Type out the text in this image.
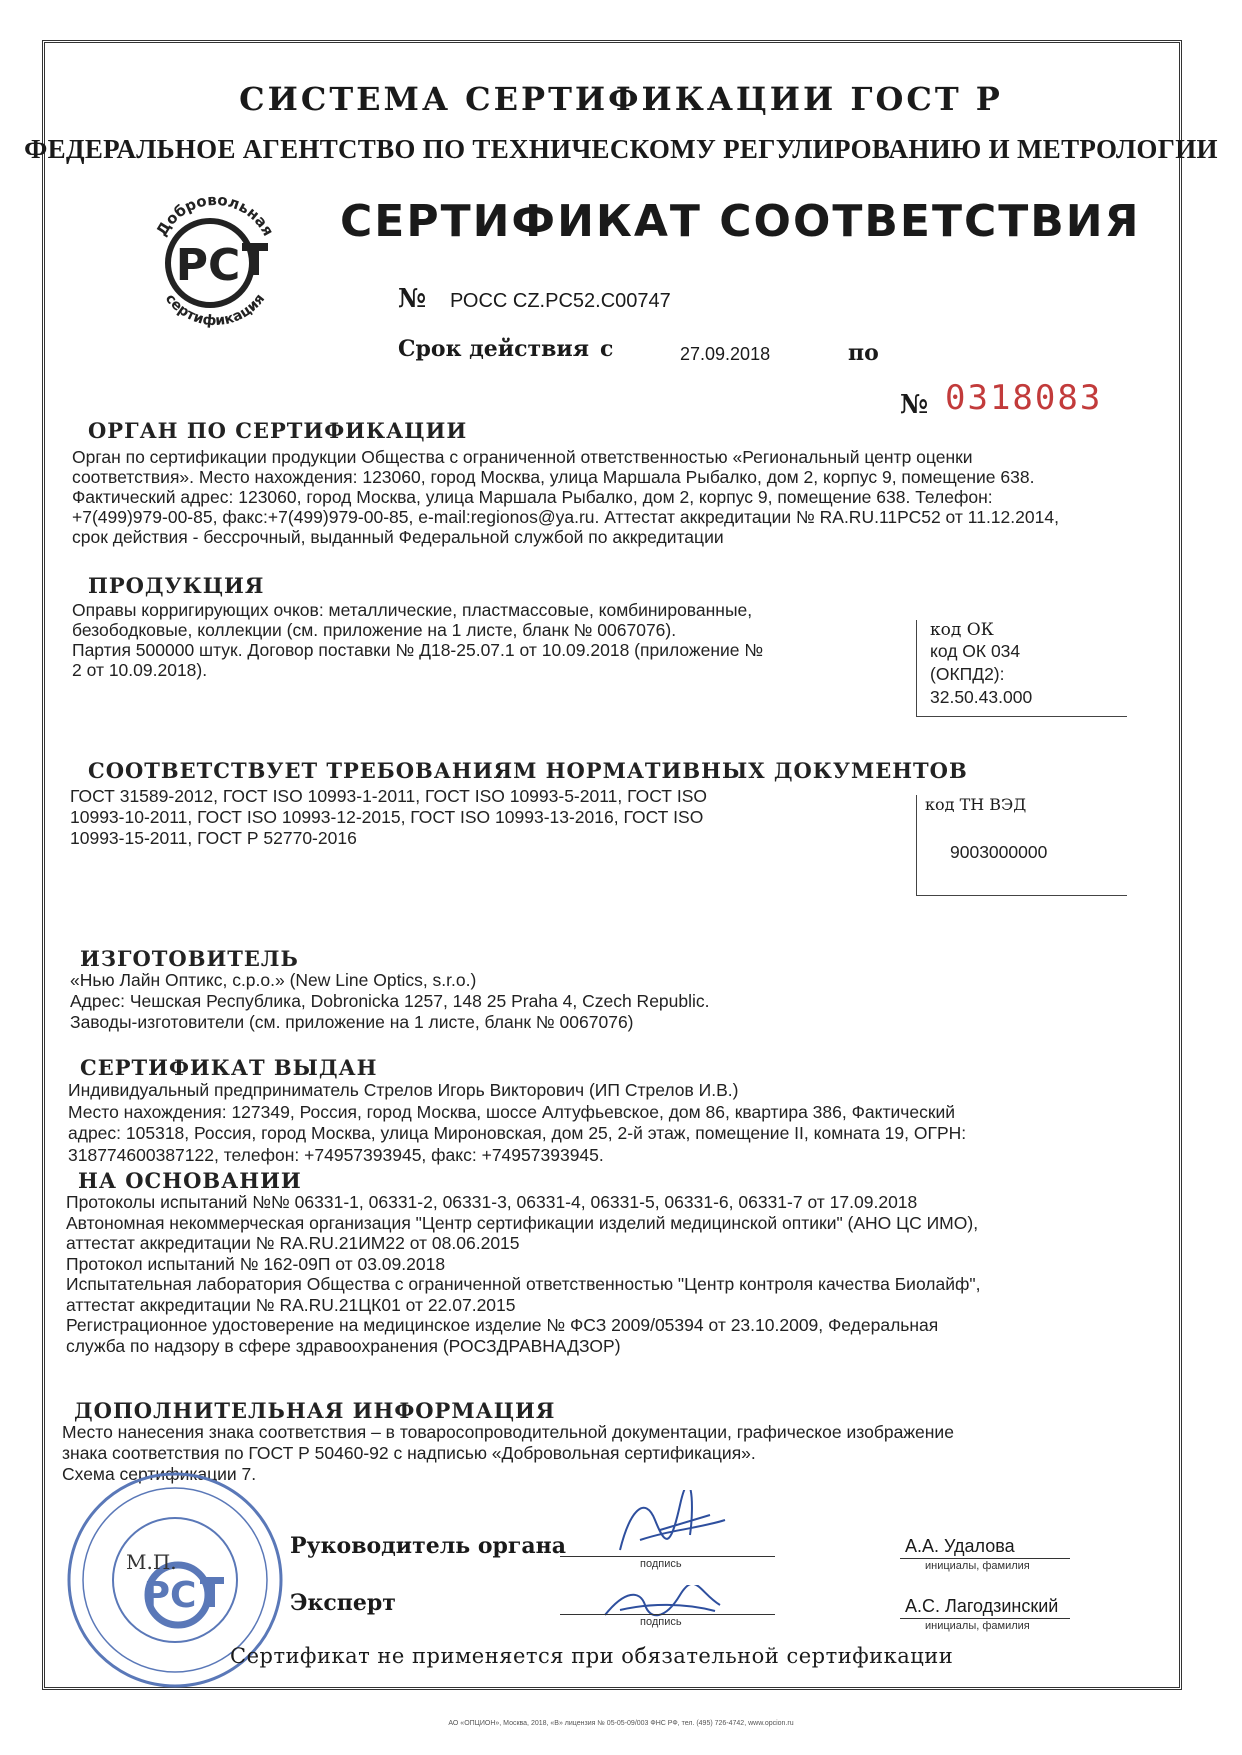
СИСТЕМА СЕРТИФИКАЦИИ ГОСТ Р
ФЕДЕРАЛЬНОЕ АГЕНТСТВО ПО ТЕХНИЧЕСКОМУ РЕГУЛИРОВАНИЮ И МЕТРОЛОГИИ
Добровольная
РС
сертификация
СЕРТИФИКАТ СООТВЕТСТВИЯ
№ РОСС CZ.PC52.C00747
Срок действия с	27.09.2018	по
№ 0318083
ОРГАН ПО СЕРТИФИКАЦИИ
Орган по сертификации продукции Общества с ограниченной ответственностью «Региональный центр оценки
соответствия». Место нахождения: 123060, город Москва, улица Маршала Рыбалко, дом 2, корпус 9, помещение 638.
Фактический адрес: 123060, город Москва, улица Маршала Рыбалко, дом 2, корпус 9, помещение 638. Телефон:
+7(499)979-00-85, факс:+7(499)979-00-85, e-mail:regionos@ya.ru. Аттестат аккредитации № RA.RU.11РС52 от 11.12.2014,
срок действия - бессрочный, выданный Федеральной службой по аккредитации
ПРОДУКЦИЯ
Оправы корригирующих очков: металлические, пластмассовые, комбинированные,
безободковые, коллекции (см. приложение на 1 листе, бланк № 0067076).
Партия 500000 штук. Договор поставки № Д18-25.07.1 от 10.09.2018 (приложение №
2 от 10.09.2018).
код ОК
код ОК 034
(ОКПД2):
32.50.43.000
СООТВЕТСТВУЕТ ТРЕБОВАНИЯМ НОРМАТИВНЫХ ДОКУМЕНТОВ
ГОСТ 31589-2012, ГОСТ ISO 10993-1-2011, ГОСТ ISO 10993-5-2011, ГОСТ ISO
10993-10-2011, ГОСТ ISO 10993-12-2015, ГОСТ ISO 10993-13-2016, ГОСТ ISO
10993-15-2011, ГОСТ Р 52770-2016
код ТН ВЭД
9003000000
ИЗГОТОВИТЕЛЬ
«Нью Лайн Оптикс, с.р.о.» (New Line Optics, s.r.o.)
Адрес: Чешская Республика, Dobronicka 1257, 148 25 Praha 4, Czech Republic.
Заводы-изготовители (см. приложение на 1 листе, бланк № 0067076)
СЕРТИФИКАТ ВЫДАН
Индивидуальный предприниматель Стрелов Игорь Викторович (ИП Стрелов И.В.)
Место нахождения: 127349, Россия, город Москва, шоссе Алтуфьевское, дом 86, квартира 386, Фактический
адрес: 105318, Россия, город Москва, улица Мироновская, дом 25, 2-й этаж, помещение II, комната 19, ОГРН:
318774600387122, телефон: +74957393945, факс: +74957393945.
НА ОСНОВАНИИ
Протоколы испытаний №№ 06331-1, 06331-2, 06331-3, 06331-4, 06331-5, 06331-6, 06331-7 от 17.09.2018
Автономная некоммерческая организация "Центр сертификации изделий медицинской оптики" (АНО ЦС ИМО),
аттестат аккредитации № RA.RU.21ИМ22 от 08.06.2015
Протокол испытаний № 162-09П от 03.09.2018
Испытательная лаборатория Общества с ограниченной ответственностью "Центр контроля качества Биолайф",
аттестат аккредитации № RA.RU.21ЦК01 от 22.07.2015
Регистрационное удостоверение на медицинское изделие № ФСЗ 2009/05394 от 23.10.2009, Федеральная
служба по надзору в сфере здравоохранения (РОСЗДРАВНАДЗОР)
ДОПОЛНИТЕЛЬНАЯ ИНФОРМАЦИЯ
Место нанесения знака соответствия – в товаросопроводительной документации, графическое изображение
знака соответствия по ГОСТ Р 50460-92 с надписью «Добровольная сертификация».
Схема сертификации 7.
РС
М.П.
Руководитель органа
подпись
А.А. Удалова
инициалы, фамилия
Эксперт
подпись
А.С. Лагодзинский
инициалы, фамилия
Сертификат не применяется при обязательной сертификации
АО «ОПЦИОН», Москва, 2018, «В» лицензия № 05-05-09/003 ФНС РФ, тел. (495) 726-4742, www.opcion.ru
